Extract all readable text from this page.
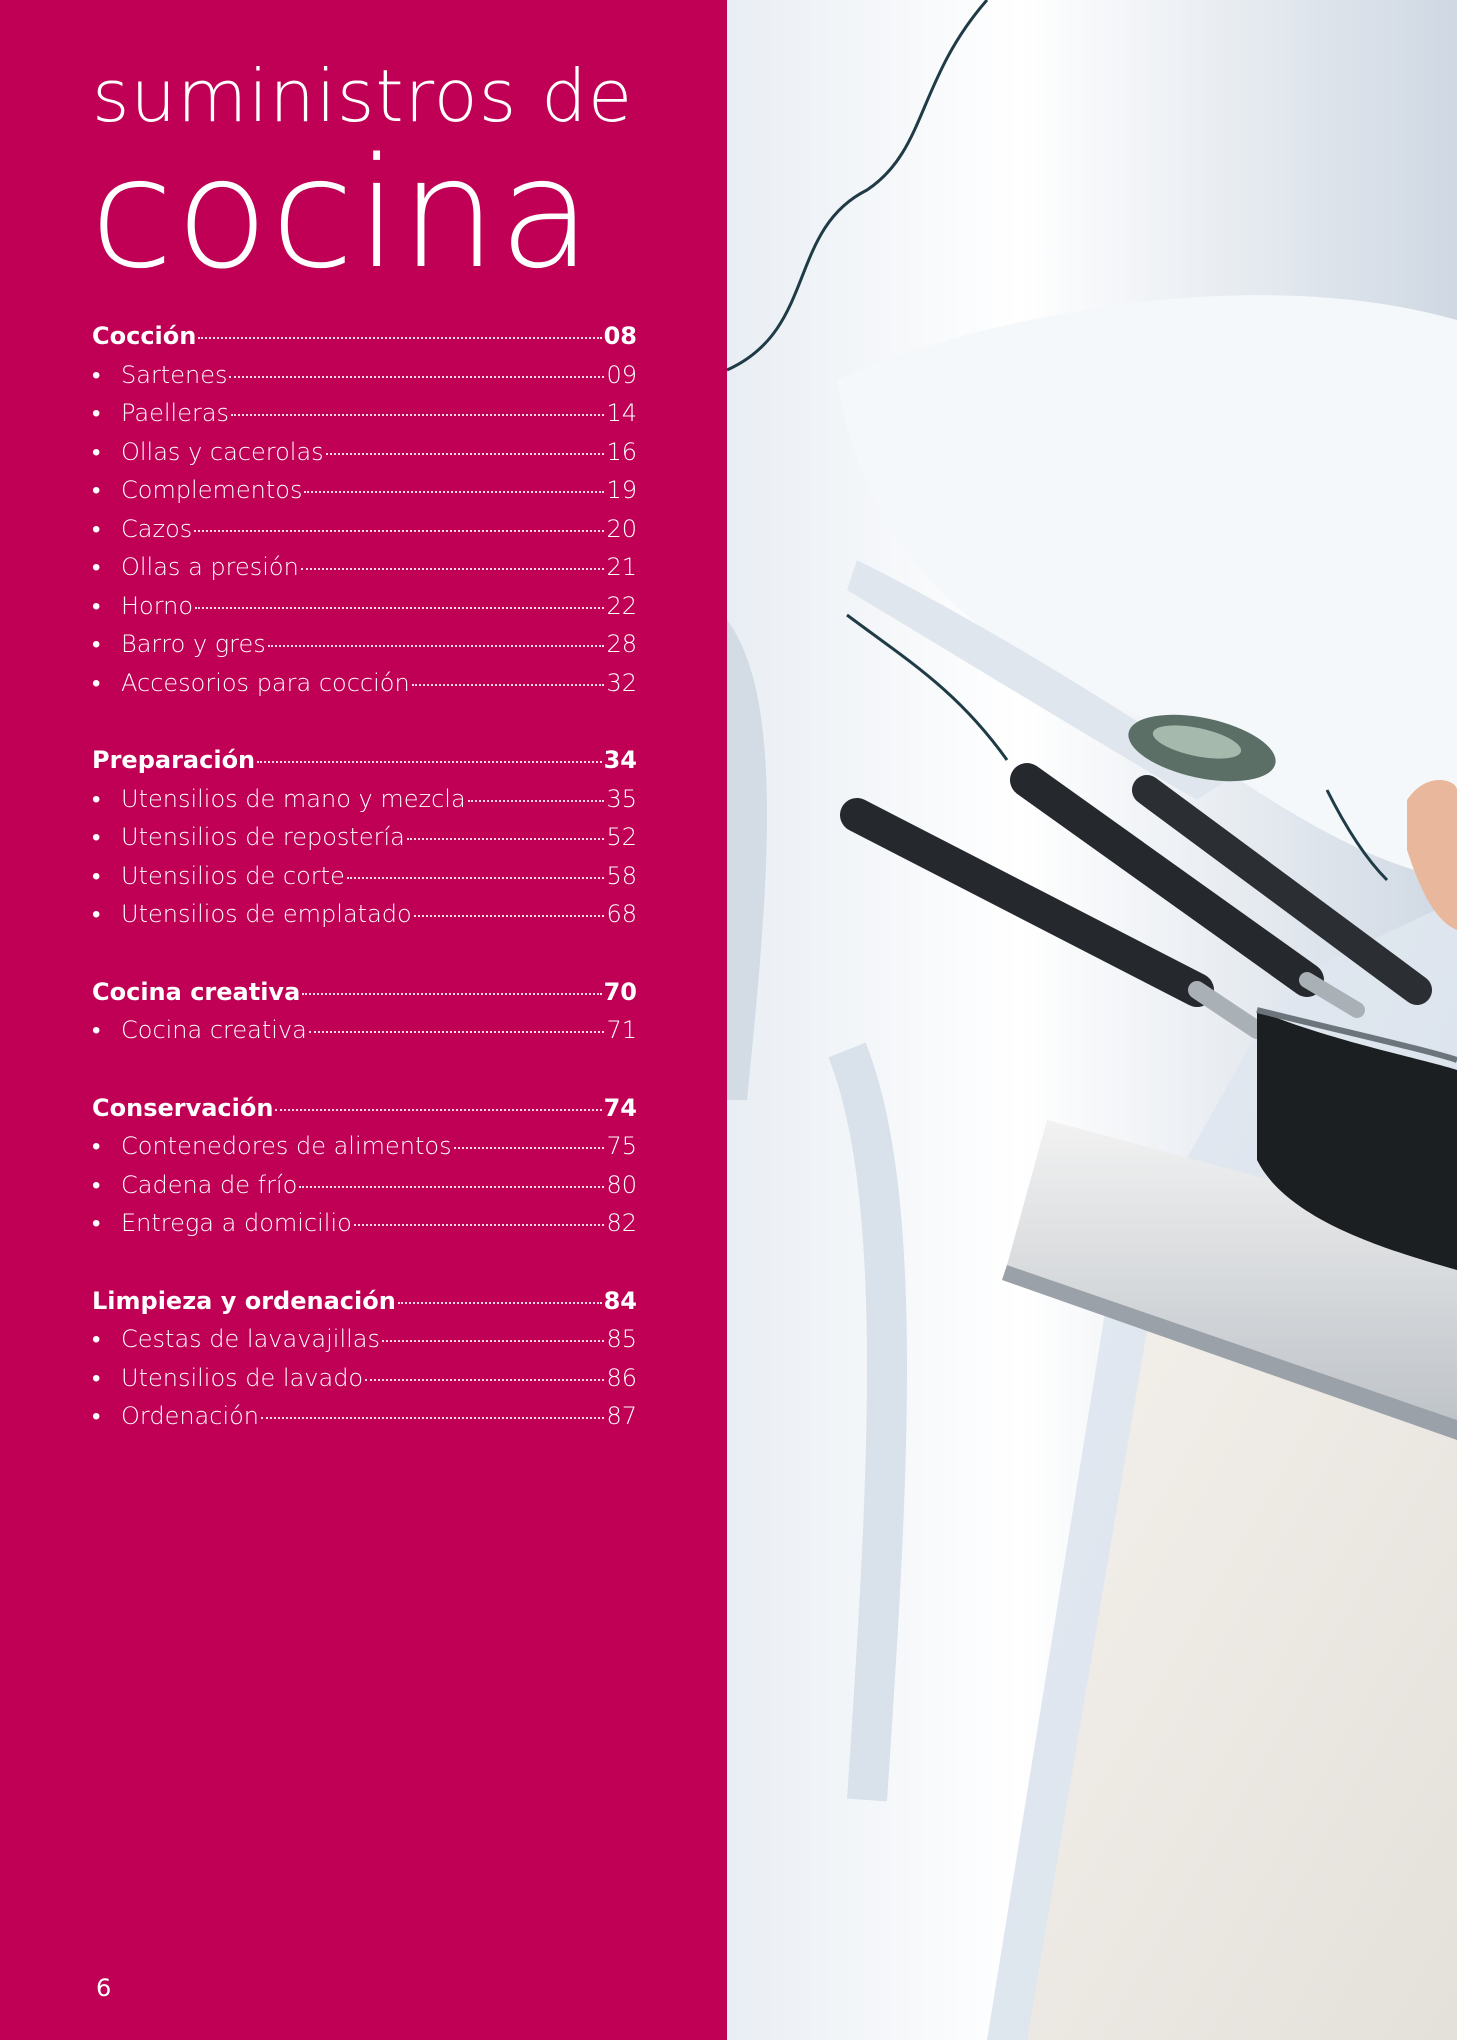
suministros de
cocina
Cocción	08
• Sartenes	09
• Paelleras	14
• Ollas y cacerolas	16
• Complementos	19
• Cazos	20
• Ollas a presión	21
• Horno	22
• Barro y gres	28
• Accesorios para cocción	32
Preparación	34
• Utensilios de mano y mezcla	35
• Utensilios de repostería	52
• Utensilios de corte	58
• Utensilios de emplatado	68
Cocina creativa	70
• Cocina creativa	71
Conservación	74
• Contenedores de alimentos	75
• Cadena de frío	80
• Entrega a domicilio	82
Limpieza y ordenación	84
• Cestas de lavavajillas	85
• Utensilios de lavado	86
• Ordenación	87
6
